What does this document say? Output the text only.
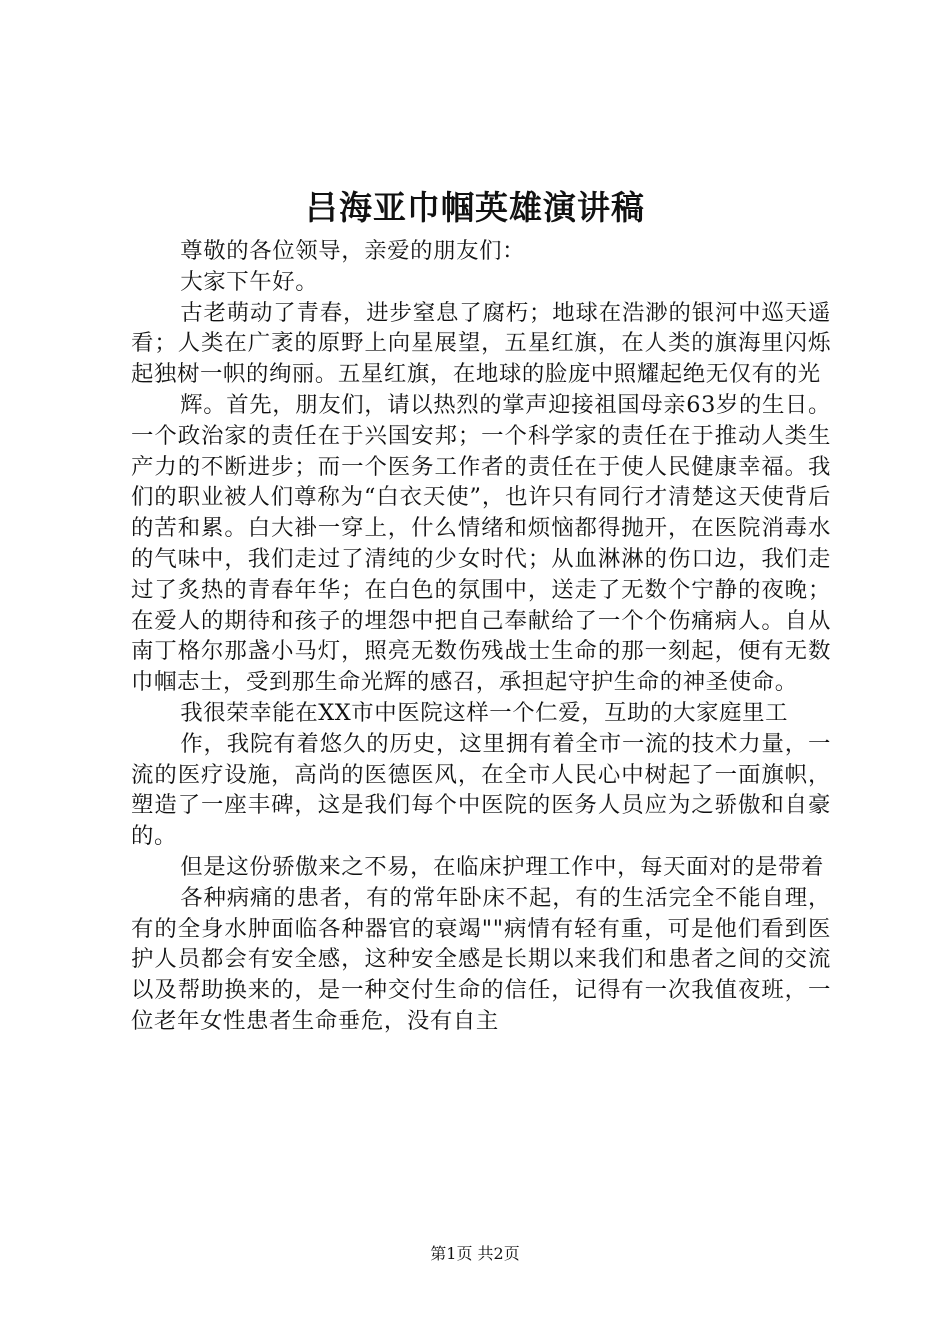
吕海亚巾帼英雄演讲稿

尊敬的各位领导，亲爱的朋友们：

大家下午好。

古老萌动了青春，进步窒息了腐朽；地球在浩渺的银河中巡天遥看；人类在广袤的原野上向星展望，五星红旗，在人类的旗海里闪烁起独树一帜的绚丽。五星红旗，在地球的脸庞中照耀起绝无仅有的光

辉。首先，朋友们，请以热烈的掌声迎接祖国母亲63岁的生日。一个政治家的责任在于兴国安邦；一个科学家的责任在于推动人类生产力的不断进步；而一个医务工作者的责任在于使人民健康幸福。我们的职业被人们尊称为“白衣天使”，也许只有同行才清楚这天使背后的苦和累。白大褂一穿上，什么情绪和烦恼都得抛开，在医院消毒水的气味中，我们走过了清纯的少女时代；从血淋淋的伤口边，我们走过了炙热的青春年华；在白色的氛围中，送走了无数个宁静的夜晚；在爱人的期待和孩子的埋怨中把自己奉献给了一个个伤痛病人。自从南丁格尔那盏小马灯，照亮无数伤残战士生命的那一刻起，便有无数巾帼志士，受到那生命光辉的感召，承担起守护生命的神圣使命。

我很荣幸能在XX市中医院这样一个仁爱，互助的大家庭里工

作，我院有着悠久的历史，这里拥有着全市一流的技术力量，一流的医疗设施，高尚的医德医风，在全市人民心中树起了一面旗帜，塑造了一座丰碑，这是我们每个中医院的医务人员应为之骄傲和自豪的。

但是这份骄傲来之不易，在临床护理工作中，每天面对的是带着

各种病痛的患者，有的常年卧床不起，有的生活完全不能自理，有的全身水肿面临各种器官的衰竭""病情有轻有重，可是他们看到医护人员都会有安全感，这种安全感是长期以来我们和患者之间的交流以及帮助换来的，是一种交付生命的信任，记得有一次我值夜班，一位老年女性患者生命垂危，没有自主

第1页 共2页
